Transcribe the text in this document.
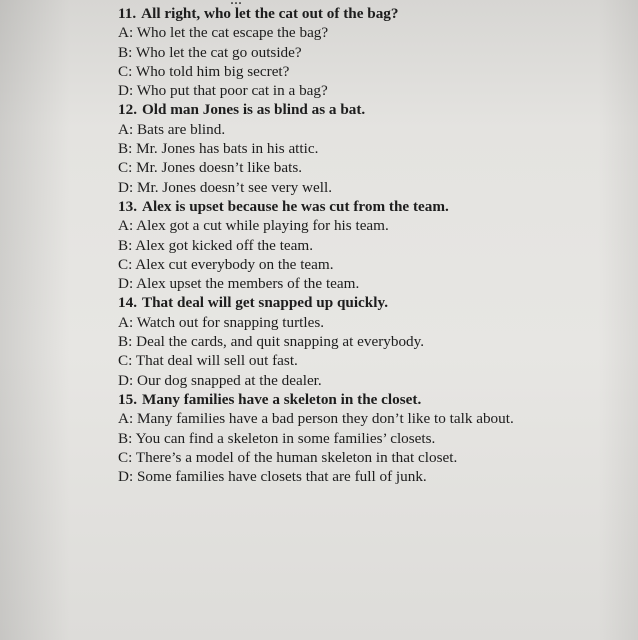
11. All right, who let the cat out of the bag?
A: Who let the cat escape the bag?
B: Who let the cat go outside?
C: Who told him big secret?
D: Who put that poor cat in a bag?
12. Old man Jones is as blind as a bat.
A: Bats are blind.
B: Mr. Jones has bats in his attic.
C: Mr. Jones doesn’t like bats.
D: Mr. Jones doesn’t see very well.
13. Alex is upset because he was cut from the team.
A: Alex got a cut while playing for his team.
B: Alex got kicked off the team.
C: Alex cut everybody on the team.
D: Alex upset the members of the team.
14. That deal will get snapped up quickly.
A: Watch out for snapping turtles.
B: Deal the cards, and quit snapping at everybody.
C: That deal will sell out fast.
D: Our dog snapped at the dealer.
15. Many families have a skeleton in the closet.
A: Many families have a bad person they don’t like to talk about.
B: You can find a skeleton in some families’ closets.
C: There’s a model of the human skeleton in that closet.
D: Some families have closets that are full of junk.
